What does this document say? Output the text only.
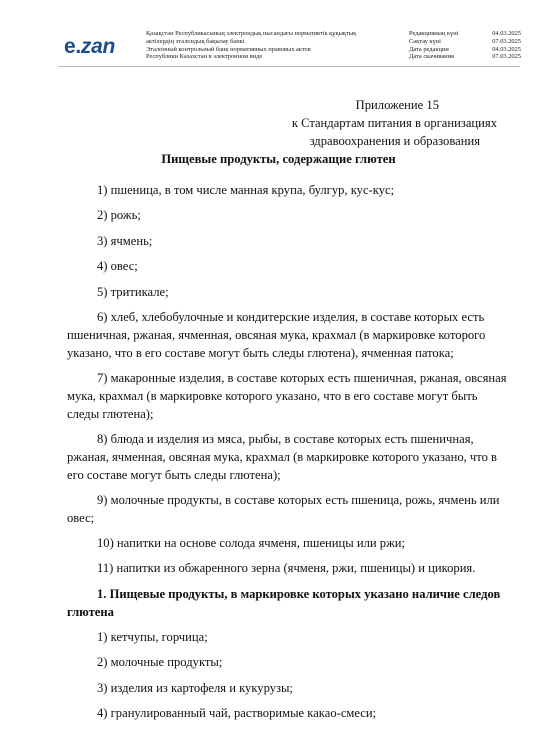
e.zan
Қазақстан Республикасының электрондық нысандағы нормативтік құқықтық
актілердің эталондық бақылау банкі
Эталонный контрольный банк нормативных правовых актов
Республики Казахстан в электронном виде
Редакцияның күні	04.03.2025
Сақтау күні	07.03.2025
Дата редакции	04.03.2025
Дата скачивания	07.03.2025
Приложение 15
к Стандартам питания в организациях
здравоохранения и образования
Пищевые продукты, содержащие глютен

1) пшеница, в том числе манная крупа, булгур, кус-кус;

2) рожь;

3) ячмень;

4) овес;

5) тритикале;

6) хлеб, хлебобулочные и кондитерские изделия, в составе которых есть пшеничная, ржаная, ячменная, овсяная мука, крахмал (в маркировке которого указано, что в его составе могут быть следы глютена), ячменная патока;

7) макаронные изделия, в составе которых есть пшеничная, ржаная, овсяная мука, крахмал (в маркировке которого указано, что в его составе могут быть следы глютена);

8) блюда и изделия из мяса, рыбы, в составе которых есть пшеничная, ржаная, ячменная, овсяная мука, крахмал (в маркировке которого указано, что в его составе могут быть следы глютена);

9) молочные продукты, в составе которых есть пшеница, рожь, ячмень или овес;

10) напитки на основе солода ячменя, пшеницы или ржи;

11) напитки из обжаренного зерна (ячменя, ржи, пшеницы) и цикория.

1. Пищевые продукты, в маркировке которых указано наличие следов глютена

1) кетчупы, горчица;

2) молочные продукты;

3) изделия из картофеля и кукурузы;

4) гранулированный чай, растворимые какао-смеси;
